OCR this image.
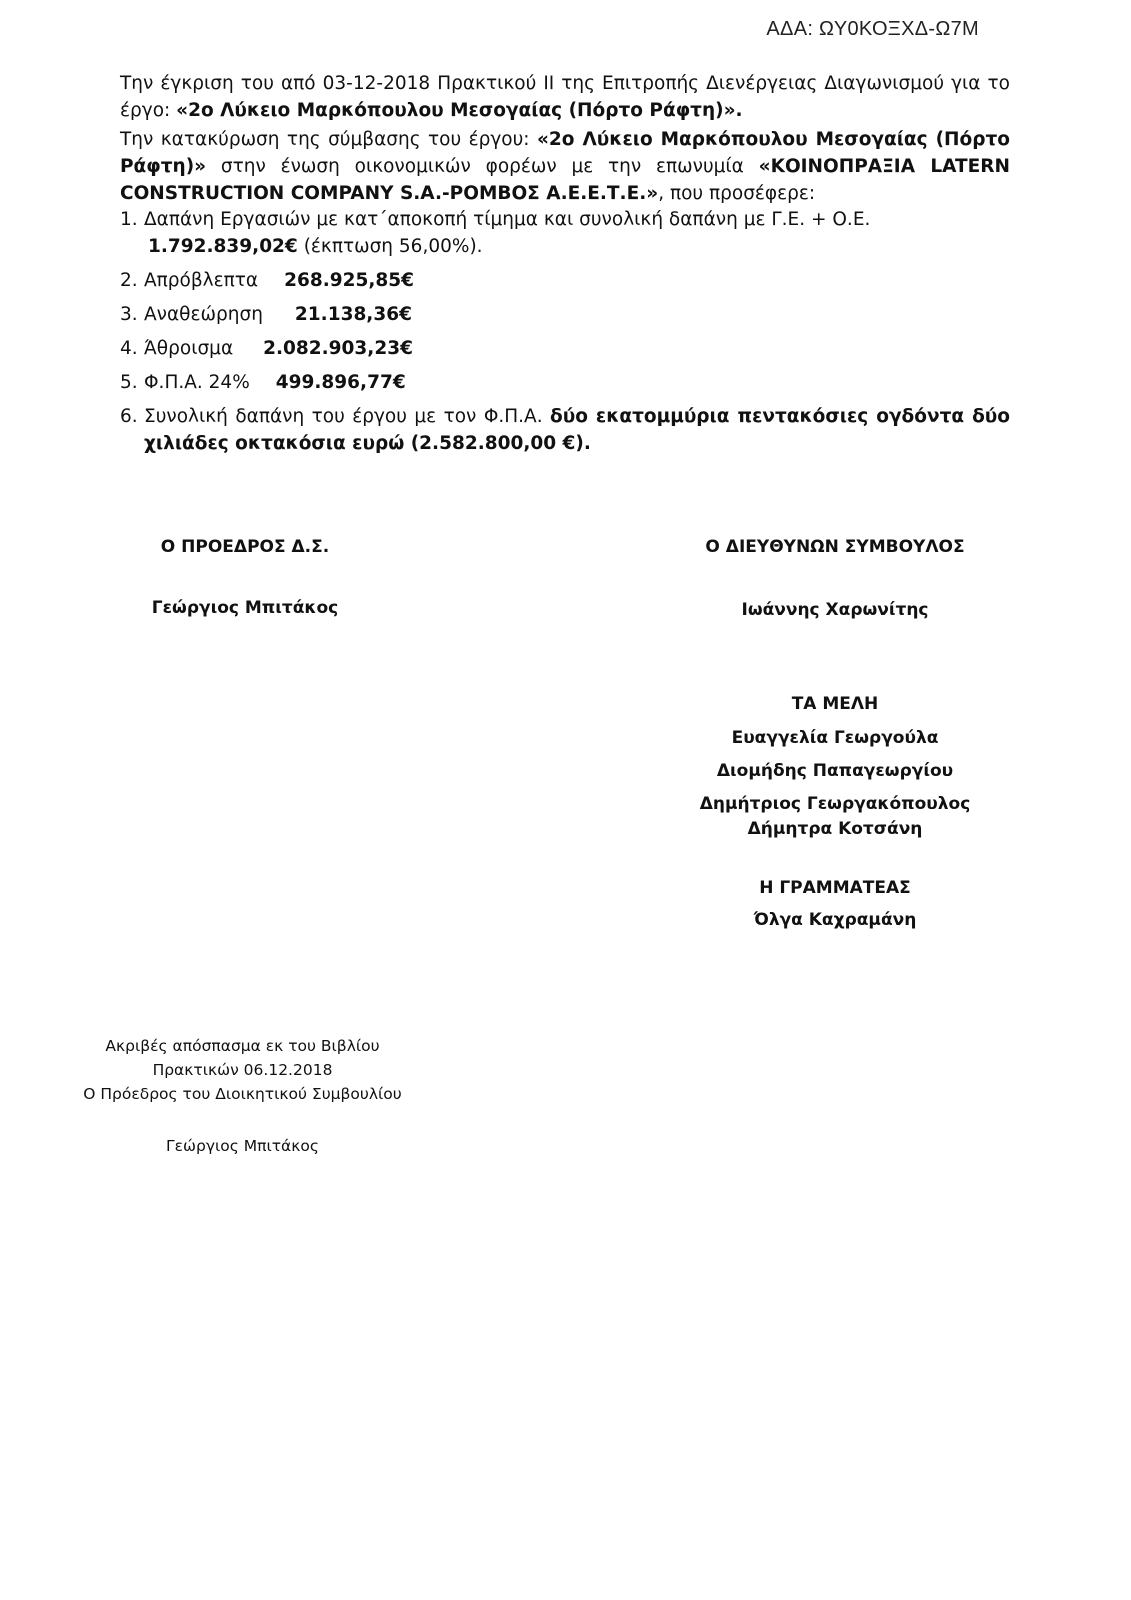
ΑΔΑ: ΩΥ0ΚΟΞΧΔ-Ω7Μ
Την έγκριση του από 03-12-2018 Πρακτικού ΙΙ της Επιτροπής Διενέργειας Διαγωνισμού για το έργο: «2ο Λύκειο Μαρκόπουλου Μεσογαίας (Πόρτο Ράφτη)».
Την κατακύρωση της σύμβασης του έργου: «2ο Λύκειο Μαρκόπουλου Μεσογαίας (Πόρτο Ράφτη)» στην ένωση οικονομικών φορέων με την επωνυμία «ΚΟΙΝΟΠΡΑΞΙΑ LATERN CONSTRUCTION COMPANY S.A.-ΡΟΜΒΟΣ Α.Ε.Ε.Τ.Ε.», που προσέφερε:
1. Δαπάνη Εργασιών με κατ΄αποκοπή τίμημα και συνολική δαπάνη με Γ.Ε. + Ο.Ε.
1.792.839,02€ (έκπτωση 56,00%).
2. Απρόβλεπτα 268.925,85€
3. Αναθεώρηση 21.138,36€
4. Άθροισμα 2.082.903,23€
5. Φ.Π.Α. 24% 499.896,77€
6. Συνολική δαπάνη του έργου με τον Φ.Π.Α. δύο εκατομμύρια πεντακόσιες ογδόντα δύο χιλιάδες οκτακόσια ευρώ (2.582.800,00 €).
Ο ΠΡΟΕΔΡΟΣ Δ.Σ.
Γεώργιος Μπιτάκος
Ο ΔΙΕΥΘΥΝΩΝ ΣΥΜΒΟΥΛΟΣ
Ιωάννης Χαρωνίτης
ΤΑ ΜΕΛΗ
Ευαγγελία Γεωργούλα
Διομήδης Παπαγεωργίου
Δημήτριος Γεωργακόπουλος
Δήμητρα Κοτσάνη
Η ΓΡΑΜΜΑΤΕΑΣ
Όλγα Καχραμάνη
Ακριβές απόσπασμα εκ του Βιβλίου
Πρακτικών 06.12.2018
Ο Πρόεδρος του Διοικητικού Συμβουλίου
Γεώργιος Μπιτάκος
